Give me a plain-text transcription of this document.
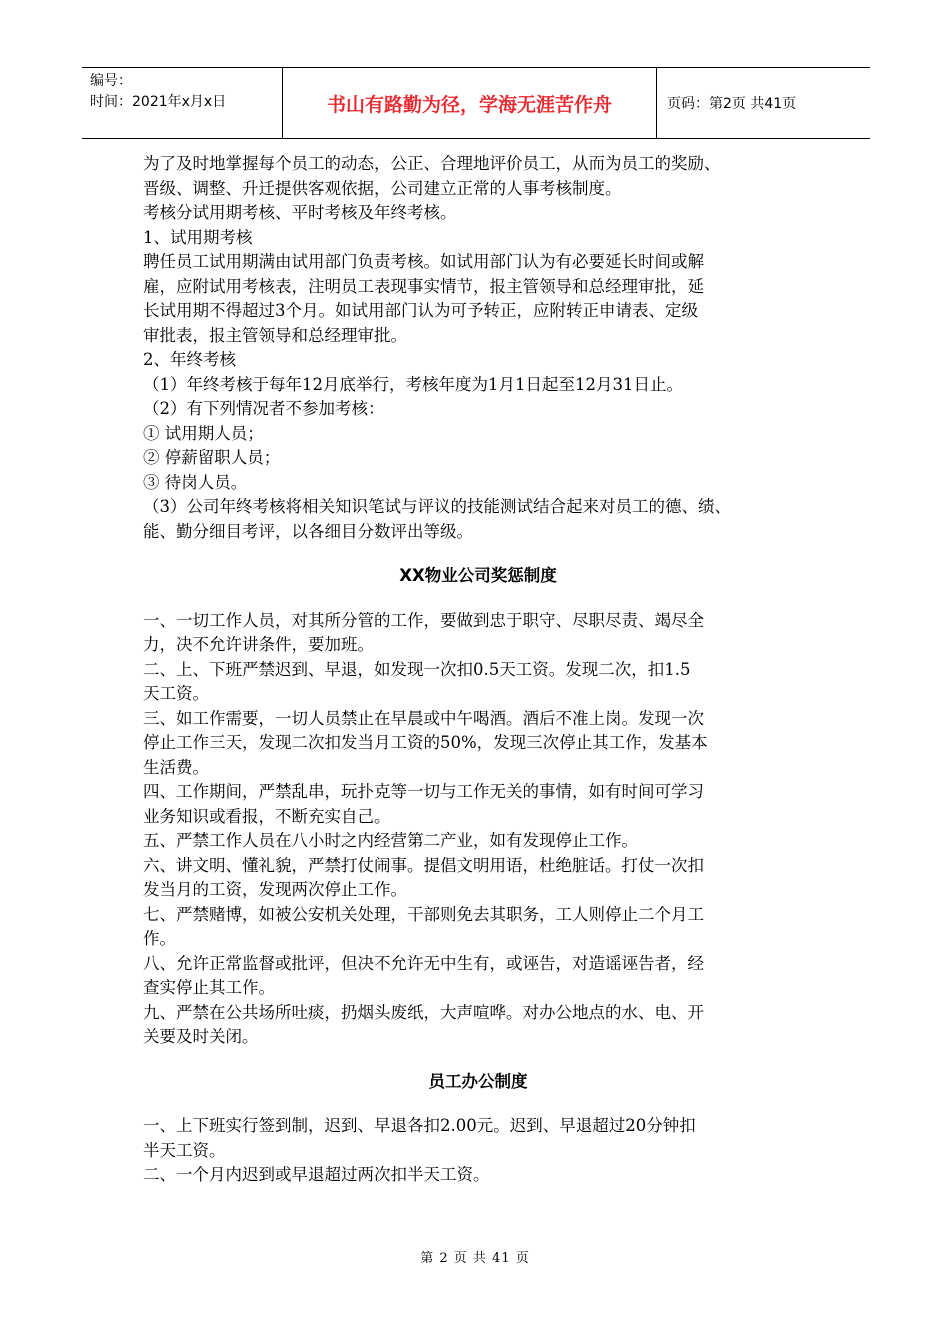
编号：
时间：2021年x月x日	书山有路勤为径，学海无涯苦作舟	页码：第2页 共41页
为了及时地掌握每个员工的动态，公正、合理地评价员工，从而为员工的奖励、
晋级、调整、升迁提供客观依据，公司建立正常的人事考核制度。
考核分试用期考核、平时考核及年终考核。
1、试用期考核
聘任员工试用期满由试用部门负责考核。如试用部门认为有必要延长时间或解
雇，应附试用考核表，注明员工表现事实情节，报主管领导和总经理审批，延
长试用期不得超过3个月。如试用部门认为可予转正，应附转正申请表、定级
审批表，报主管领导和总经理审批。
2、年终考核
（1）年终考核于每年12月底举行，考核年度为1月1日起至12月31日止。
（2）有下列情况者不参加考核：
① 试用期人员；
② 停薪留职人员；
③ 待岗人员。
（3）公司年终考核将相关知识笔试与评议的技能测试结合起来对员工的德、绩、
能、勤分细目考评，以各细目分数评出等级。
XX物业公司奖惩制度
一、一切工作人员，对其所分管的工作，要做到忠于职守、尽职尽责、竭尽全
力，决不允许讲条件，要加班。
二、上、下班严禁迟到、早退，如发现一次扣0.5天工资。发现二次，扣1.5
天工资。
三、如工作需要，一切人员禁止在早晨或中午喝酒。酒后不准上岗。发现一次
停止工作三天，发现二次扣发当月工资的50%，发现三次停止其工作，发基本
生活费。
四、工作期间，严禁乱串，玩扑克等一切与工作无关的事情，如有时间可学习
业务知识或看报，不断充实自己。
五、严禁工作人员在八小时之内经营第二产业，如有发现停止工作。
六、讲文明、懂礼貌，严禁打仗闹事。提倡文明用语，杜绝脏话。打仗一次扣
发当月的工资，发现两次停止工作。
七、严禁赌博，如被公安机关处理，干部则免去其职务，工人则停止二个月工
作。
八、允许正常监督或批评，但决不允许无中生有，或诬告，对造谣诬告者，经
查实停止其工作。
九、严禁在公共场所吐痰，扔烟头废纸，大声喧哗。对办公地点的水、电、开
关要及时关闭。
员工办公制度
一、上下班实行签到制，迟到、早退各扣2.00元。迟到、早退超过20分钟扣
半天工资。
二、一个月内迟到或早退超过两次扣半天工资。
第 2 页 共 41 页
